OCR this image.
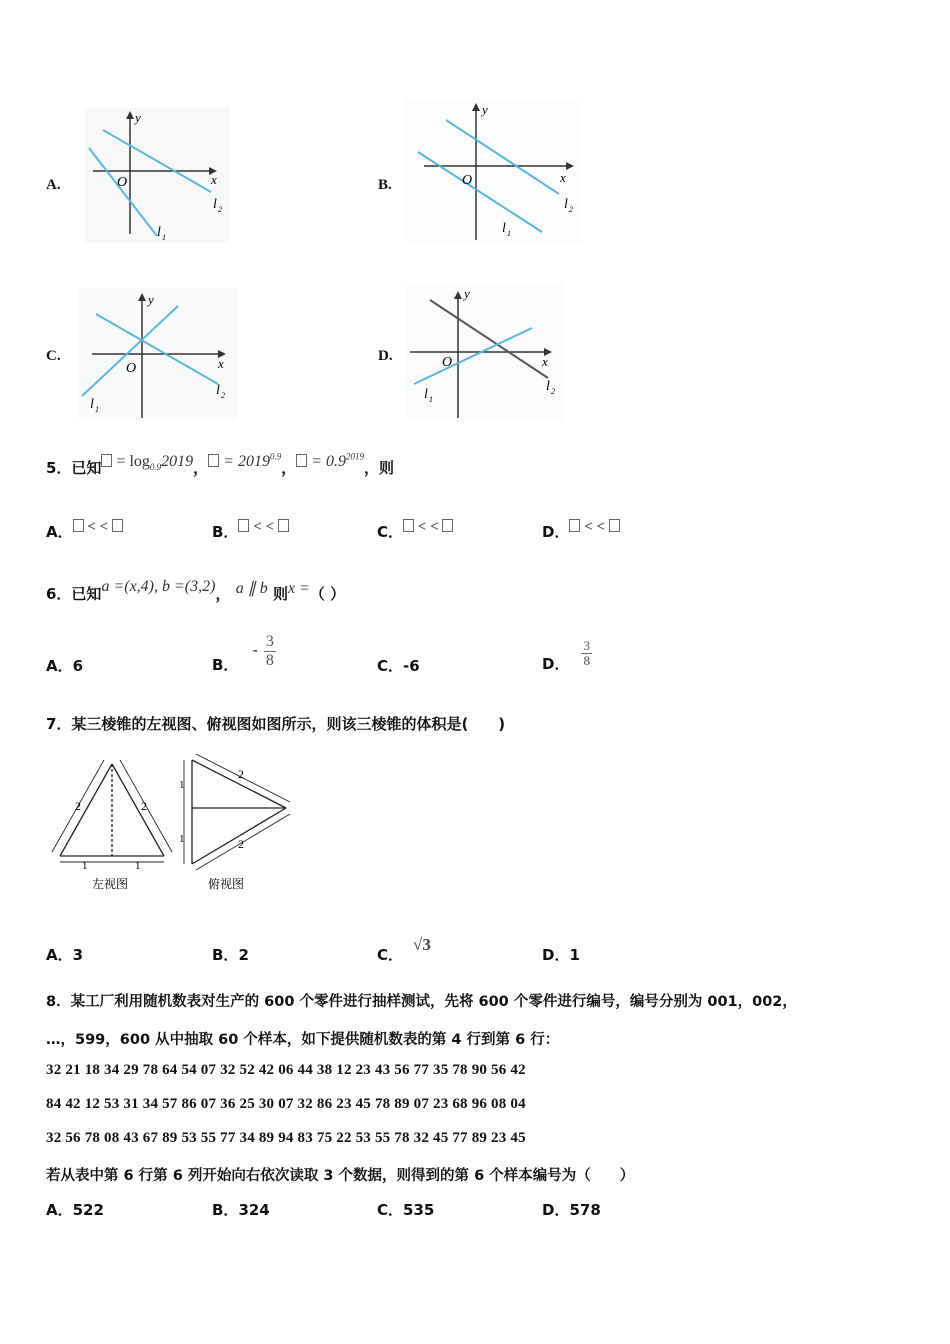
A.
y
x
O
l 2
l 1
B.
y
x
O
l 2
l 1
C.
y
x
O
l 2
l 1
D.
y
x
O
l 2
l 1
5．已知 = $\log_{0.9}2019$， = $2019^{0.9}$， = $0.9^{2019}$，则
A． < <	B． < <	C． < <	D． < <
6．已知a =(x,4), b =(3,2)， a ∥ b 则x =（ ）
A．6	B．
- $\frac{3}{8}$	C．-6	D． $\frac{3}{8}$
7．某三棱锥的左视图、俯视图如图所示，则该三棱锥的体积是(　　)
2	2
1	1
左视图
2
2
1
1
俯视图
A．3	B．2	C．√3
D．1
8．某工厂利用随机数表对生产的 600 个零件进行抽样测试，先将 600 个零件进行编号，编号分别为 001，002，
…，599，600 从中抽取 60 个样本，如下提供随机数表的第 4 行到第 6 行：
32 21 18 34 29 78 64 54 07 32 52 42 06 44 38 12 23 43 56 77 35 78 90 56 42
84 42 12 53 31 34 57 86 07 36 25 30 07 32 86 23 45 78 89 07 23 68 96 08 04
32 56 78 08 43 67 89 53 55 77 34 89 94 83 75 22 53 55 78 32 45 77 89 23 45
若从表中第 6 行第 6 列开始向右依次读取 3 个数据，则得到的第 6 个样本编号为（　　）
A．522	B．324	C．535	D．578
